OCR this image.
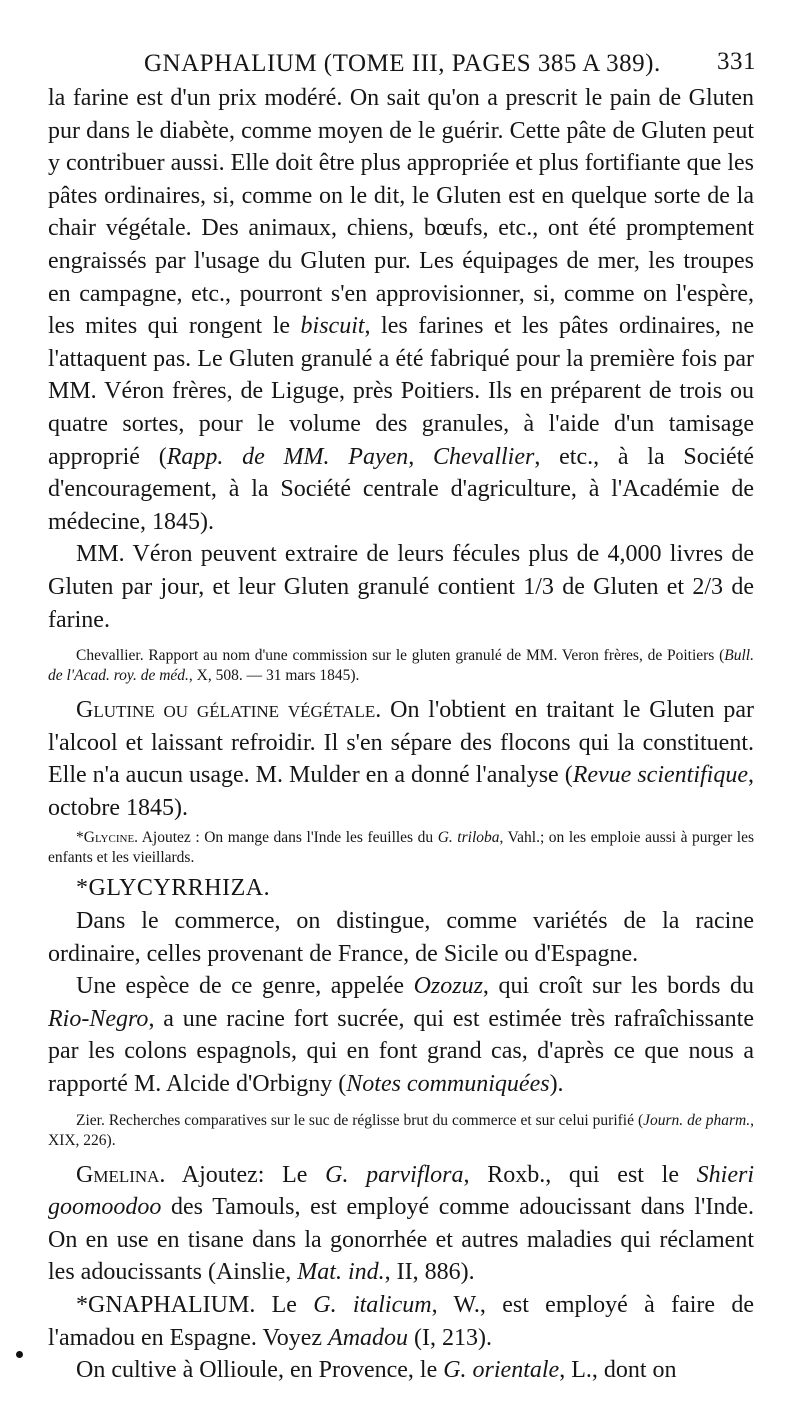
GNAPHALIUM (TOME III, PAGES 385 A 389). 331

la farine est d'un prix modéré. On sait qu'on a prescrit le pain de Gluten pur dans le diabète, comme moyen de le guérir. Cette pâte de Gluten peut y contribuer aussi. Elle doit être plus appropriée et plus fortifiante que les pâtes ordinaires, si, comme on le dit, le Gluten est en quelque sorte de la chair végétale. Des animaux, chiens, bœufs, etc., ont été promptement engraissés par l'usage du Gluten pur. Les équipages de mer, les troupes en campagne, etc., pourront s'en approvisionner, si, comme on l'espère, les mites qui rongent le biscuit, les farines et les pâtes ordinaires, ne l'attaquent pas. Le Gluten granulé a été fabriqué pour la première fois par MM. Véron frères, de Liguge, près Poitiers. Ils en préparent de trois ou quatre sortes, pour le volume des granules, à l'aide d'un tamisage approprié (Rapp. de MM. Payen, Chevallier, etc., à la Société d'encouragement, à la Société centrale d'agriculture, à l'Académie de médecine, 1845).

MM. Véron peuvent extraire de leurs fécules plus de 4,000 livres de Gluten par jour, et leur Gluten granulé contient 1/3 de Gluten et 2/3 de farine.

Chevallier. Rapport au nom d'une commission sur le gluten granulé de MM. Veron frères, de Poitiers (Bull. de l'Acad. roy. de méd., X, 508. — 31 mars 1845).

Glutine ou gélatine végétale. On l'obtient en traitant le Gluten par l'alcool et laissant refroidir. Il s'en sépare des flocons qui la constituent. Elle n'a aucun usage. M. Mulder en a donné l'analyse (Revue scientifique, octobre 1845).

*Glycine. Ajoutez : On mange dans l'Inde les feuilles du G. triloba, Vahl.; on les emploie aussi à purger les enfants et les vieillards.

*GLYCYRRHIZA.

Dans le commerce, on distingue, comme variétés de la racine ordinaire, celles provenant de France, de Sicile ou d'Espagne.

Une espèce de ce genre, appelée Ozozuz, qui croît sur les bords du Rio-Negro, a une racine fort sucrée, qui est estimée très rafraîchissante par les colons espagnols, qui en font grand cas, d'après ce que nous a rapporté M. Alcide d'Orbigny (Notes communiquées).

Zier. Recherches comparatives sur le suc de réglisse brut du commerce et sur celui purifié (Journ. de pharm., XIX, 226).

Gmelina. Ajoutez: Le G. parviflora, Roxb., qui est le Shieri goomoodoo des Tamouls, est employé comme adoucissant dans l'Inde. On en use en tisane dans la gonorrhée et autres maladies qui réclament les adoucissants (Ainslie, Mat. ind., II, 886).

*GNAPHALIUM. Le G. italicum, W., est employé à faire de l'amadou en Espagne. Voyez Amadou (I, 213).

On cultive à Ollioule, en Provence, le G. orientale, L., dont on
